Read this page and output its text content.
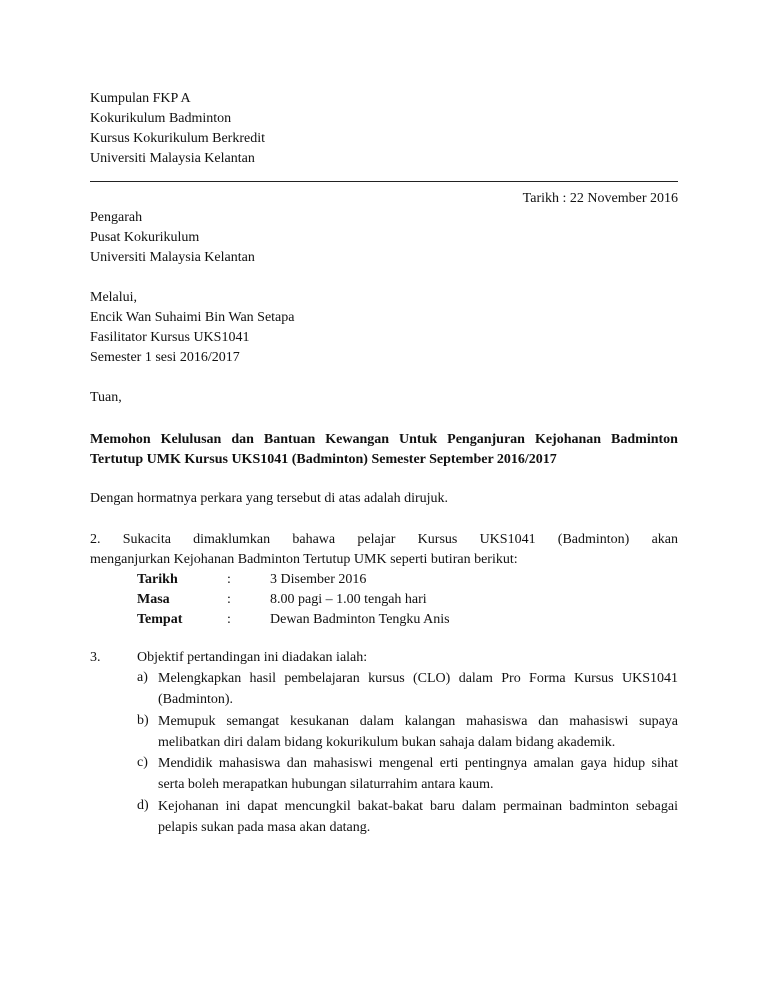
Kumpulan FKP A
Kokurikulum Badminton
Kursus Kokurikulum Berkredit
Universiti Malaysia Kelantan
Tarikh : 22 November 2016
Pengarah
Pusat Kokurikulum
Universiti Malaysia Kelantan
Melalui,
Encik Wan Suhaimi Bin Wan Setapa
Fasilitator Kursus UKS1041
Semester 1 sesi 2016/2017
Tuan,
Memohon Kelulusan dan Bantuan Kewangan Untuk Penganjuran Kejohanan Badminton
Tertutup UMK Kursus UKS1041 (Badminton) Semester September 2016/2017
Dengan hormatnya perkara yang tersebut di atas adalah dirujuk.
2. Sukacita dimaklumkan bahawa pelajar Kursus UKS1041 (Badminton) akan
menganjurkan Kejohanan Badminton Tertutup UMK seperti butiran berikut:
Tarikh	:	3 Disember 2016
Masa	:	8.00 pagi – 1.00 tengah hari
Tempat	:	Dewan Badminton Tengku Anis
3.	Objektif pertandingan ini diadakan ialah:
a) Melengkapkan hasil pembelajaran kursus (CLO) dalam Pro Forma Kursus UKS1041 (Badminton).
b) Memupuk semangat kesukanan dalam kalangan mahasiswa dan mahasiswi supaya melibatkan diri dalam bidang kokurikulum bukan sahaja dalam bidang akademik.
c) Mendidik mahasiswa dan mahasiswi mengenal erti pentingnya amalan gaya hidup sihat serta boleh merapatkan hubungan silaturrahim antara kaum.
d) Kejohanan ini dapat mencungkil bakat-bakat baru dalam permainan badminton sebagai pelapis sukan pada masa akan datang.
